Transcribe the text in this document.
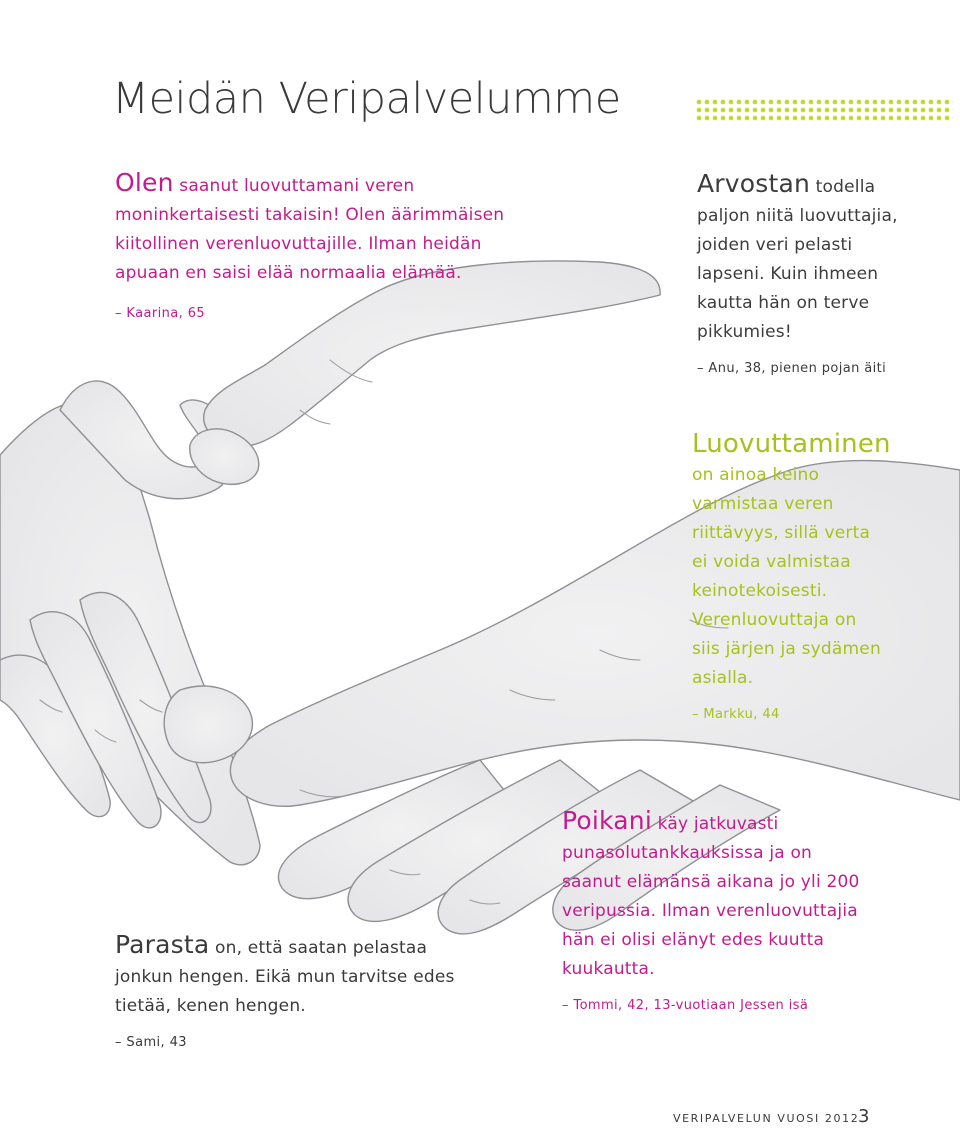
Meidän Veripalvelumme
Olen saanut luovuttamani veren
moninkertaisesti takaisin! Olen äärimmäisen
kiitollinen verenluovuttajille. Ilman heidän
apuaan en saisi elää normaalia elämää.
– Kaarina, 65
Arvostan todella
paljon niitä luovuttajia,
joiden veri pelasti
lapseni. Kuin ihmeen
kautta hän on terve
pikkumies!
– Anu, 38, pienen pojan äiti
Luovuttaminen
on ainoa keino
varmistaa veren
riittävyys, sillä verta
ei voida valmistaa
keinotekoisesti.
Verenluovuttaja on
siis järjen ja sydämen
asialla.
– Markku, 44
Parasta on, että saatan pelastaa
jonkun hengen. Eikä mun tarvitse edes
tietää, kenen hengen.
– Sami, 43
Poikani käy jatkuvasti
punasolutankkauksissa ja on
saanut elämänsä aikana jo yli 200
veripussia. Ilman verenluovuttajia
hän ei olisi elänyt edes kuutta
kuukautta.
– Tommi, 42, 13-vuotiaan Jessen isä
VERIPALVELUN VUOSI 2012
3
